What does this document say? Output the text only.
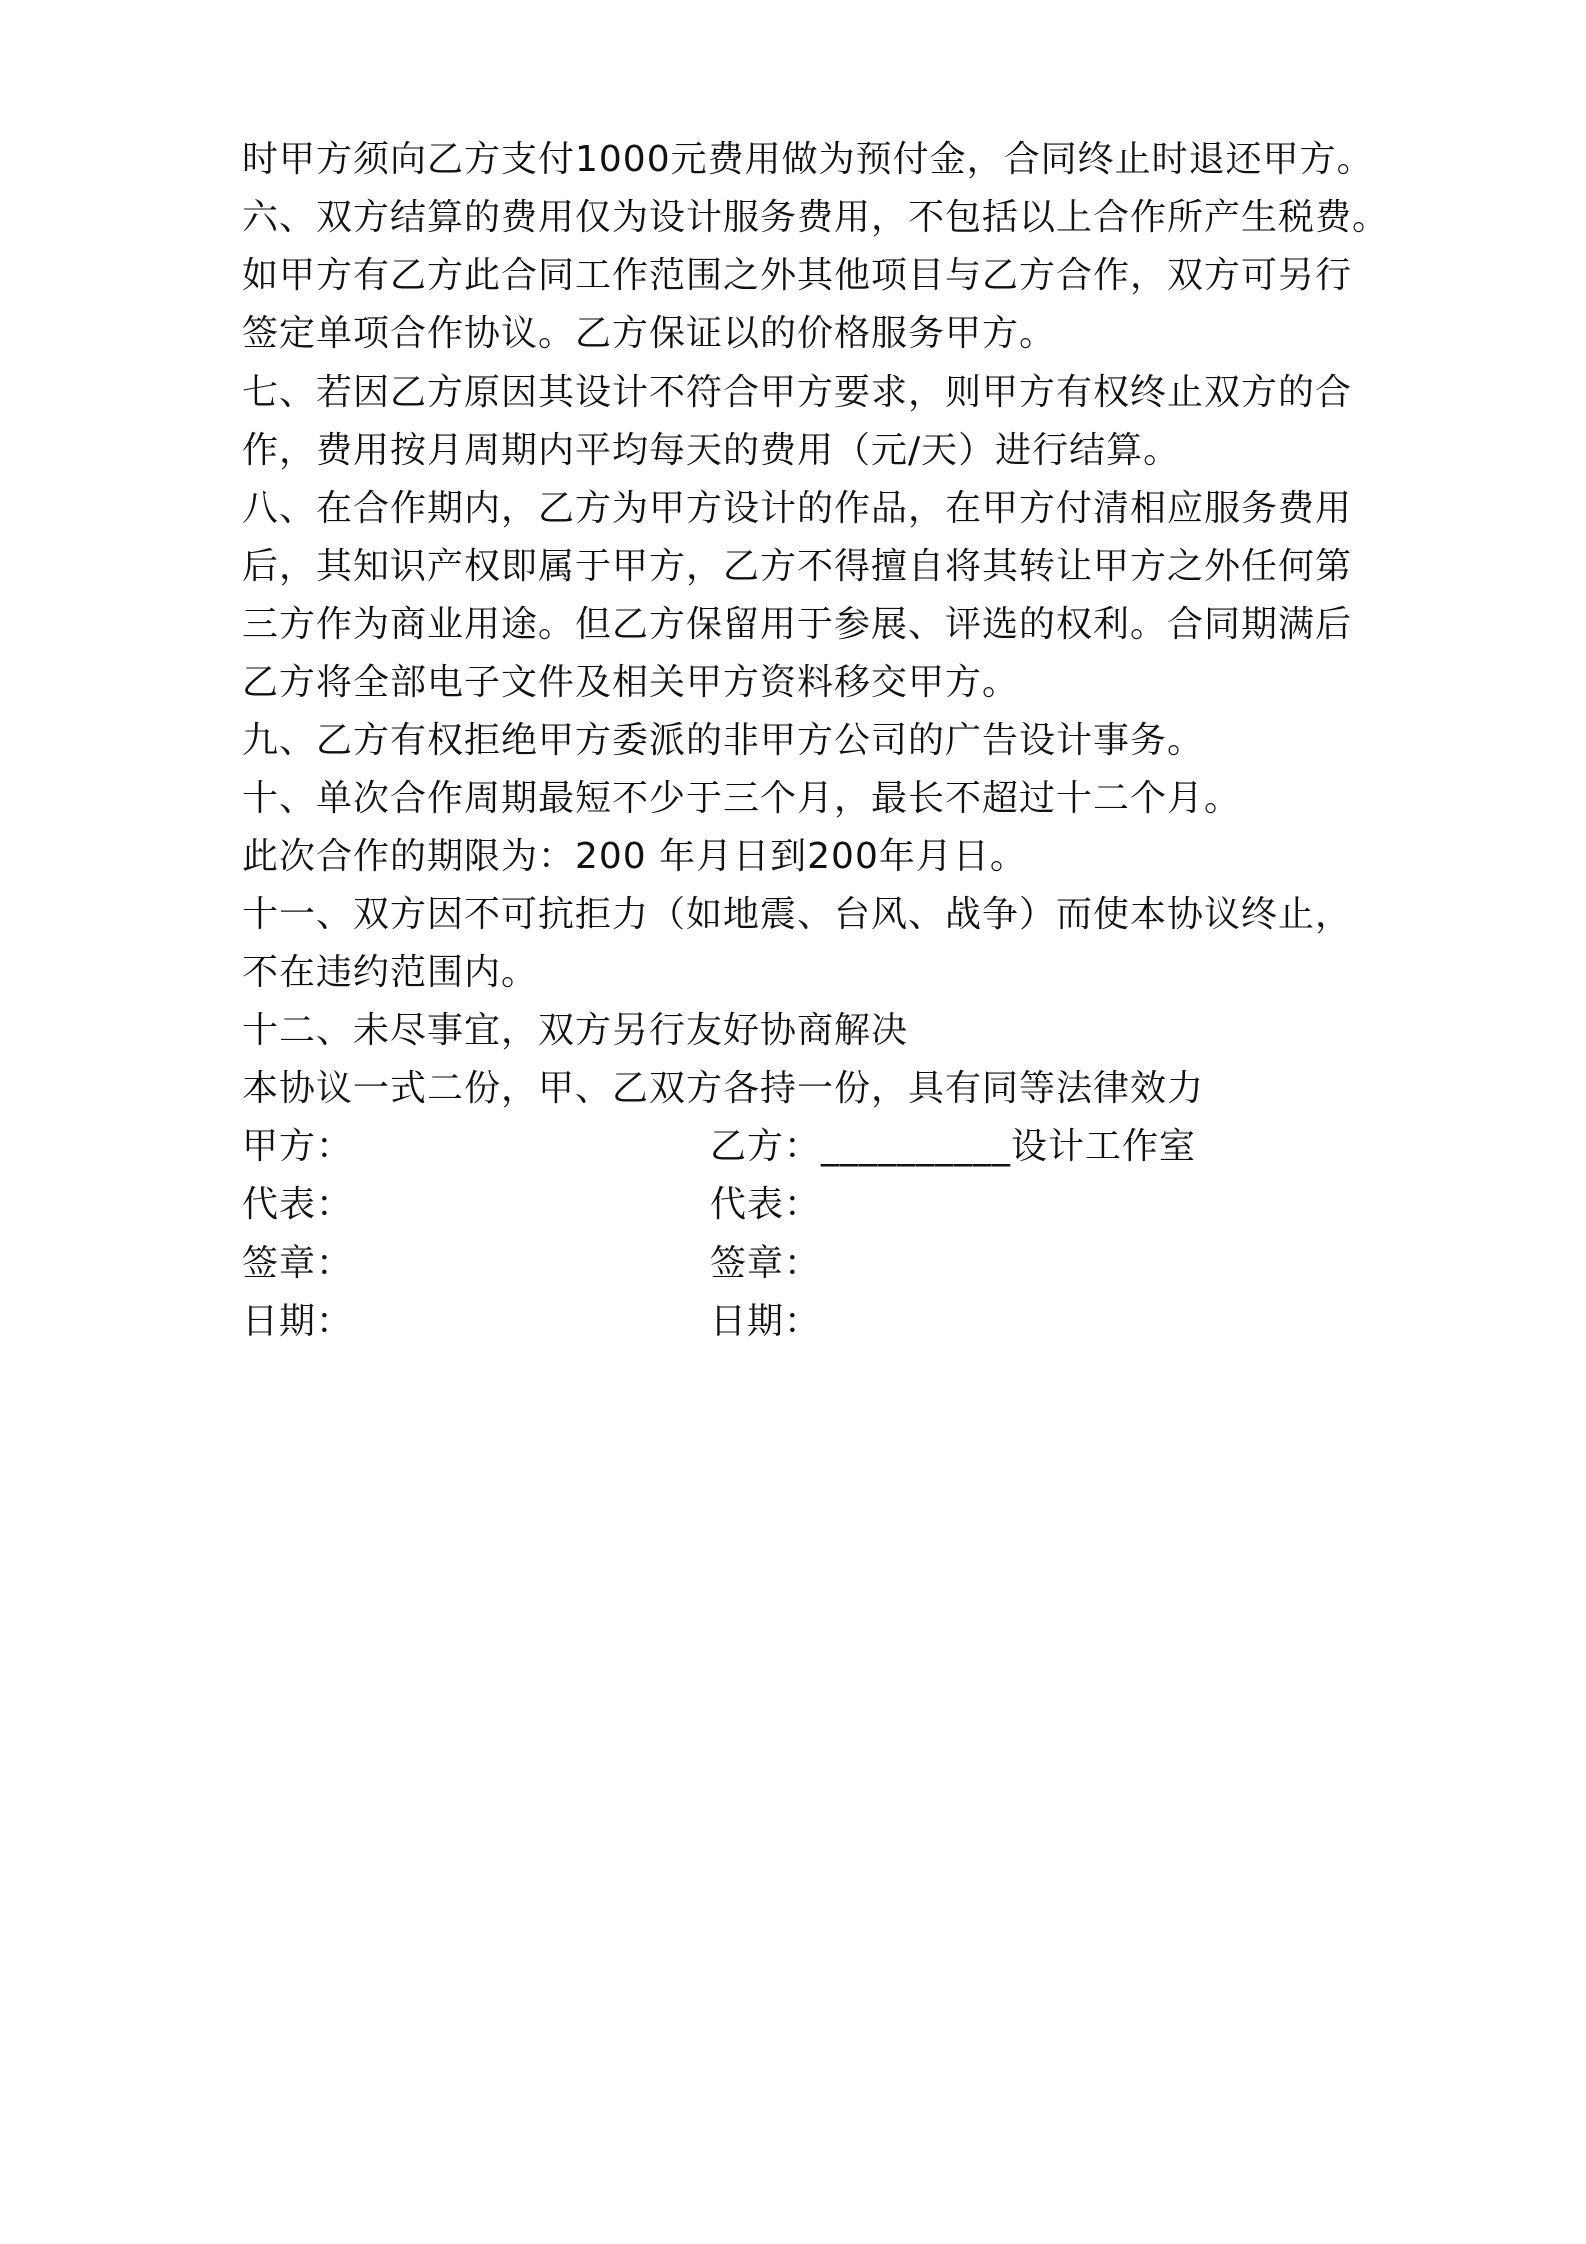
时甲方须向乙方支付1000元费用做为预付金，合同终止时退还甲方。
六、双方结算的费用仅为设计服务费用，不包括以上合作所产生税费。
如甲方有乙方此合同工作范围之外其他项目与乙方合作，双方可另行
签定单项合作协议。乙方保证以的价格服务甲方。
七、若因乙方原因其设计不符合甲方要求，则甲方有权终止双方的合
作，费用按月周期内平均每天的费用（元/天）进行结算。
八、在合作期内，乙方为甲方设计的作品，在甲方付清相应服务费用
后，其知识产权即属于甲方，乙方不得擅自将其转让甲方之外任何第
三方作为商业用途。但乙方保留用于参展、评选的权利。合同期满后
乙方将全部电子文件及相关甲方资料移交甲方。
九、乙方有权拒绝甲方委派的非甲方公司的广告设计事务。
十、单次合作周期最短不少于三个月，最长不超过十二个月。
此次合作的期限为：200 年月日到200年月日。
十一、双方因不可抗拒力（如地震、台风、战争）而使本协议终止，
不在违约范围内。
十二、未尽事宜，双方另行友好协商解决
本协议一式二份，甲、乙双方各持一份，具有同等法律效力
甲方：	乙方：__________设计工作室
代表：	代表：
签章：	签章：
日期：	日期：
